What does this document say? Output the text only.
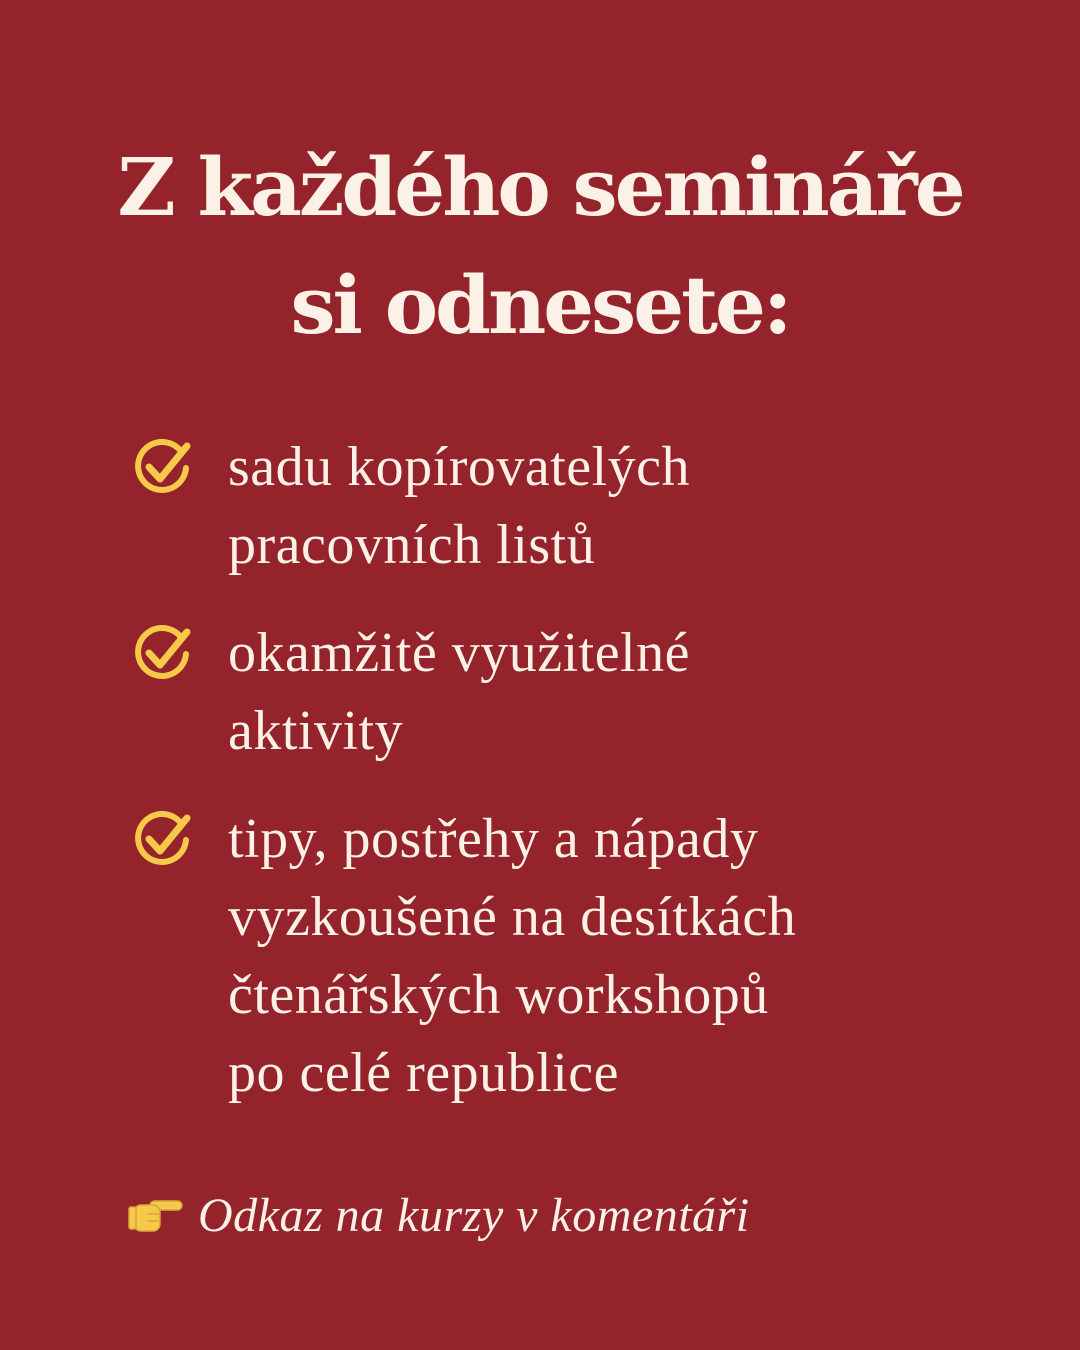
Z každého semináře
si odnesete:
sadu kopírovatelých
pracovních listů
okamžitě využitelné
aktivity
tipy, postřehy a nápady
vyzkoušené na desítkách
čtenářských workshopů
po celé republice
Odkaz na kurzy v komentáři
